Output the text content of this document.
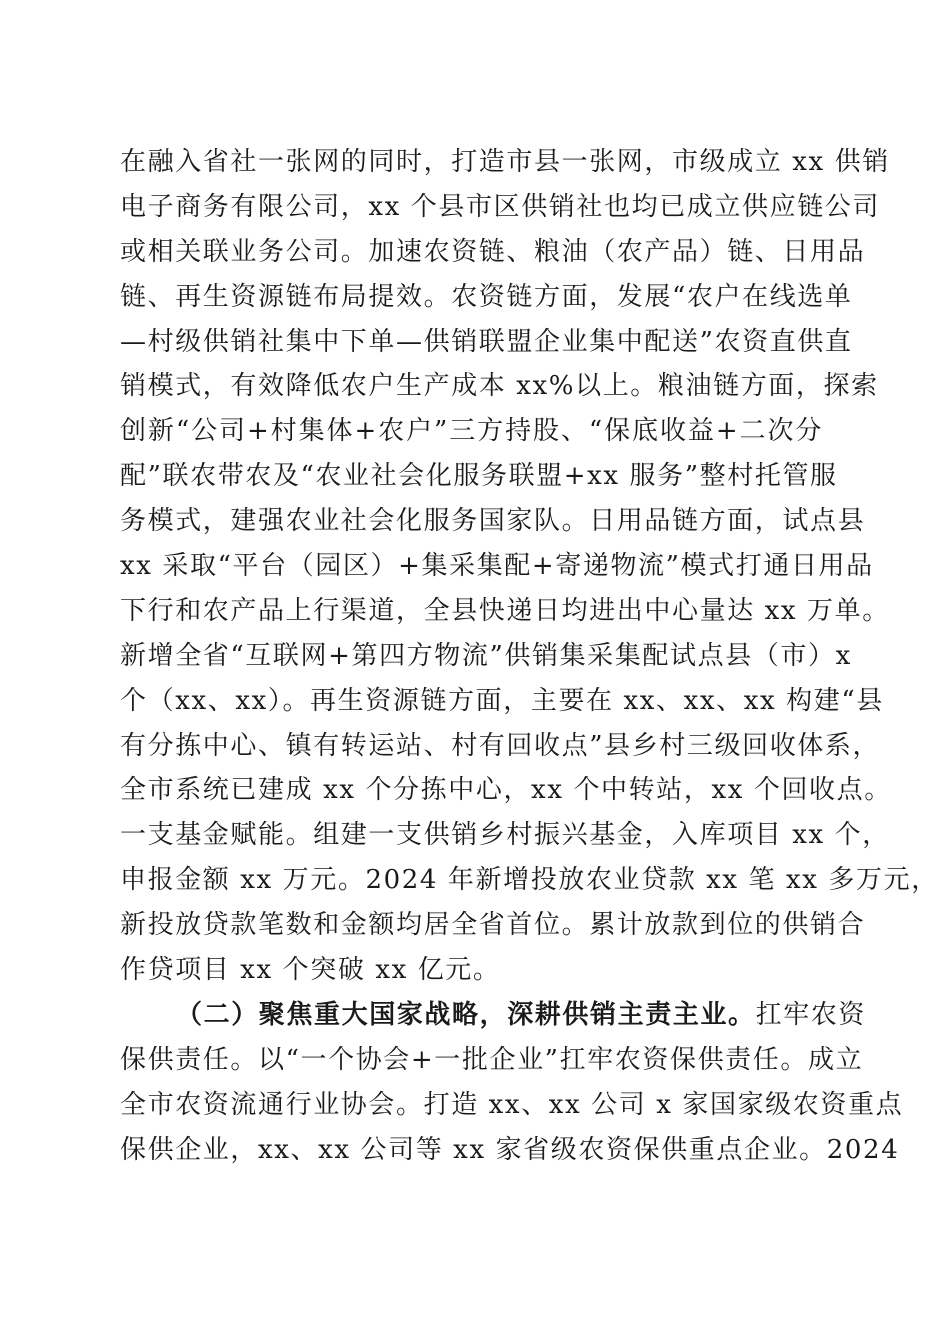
在融入省社一张网的同时，打造市县一张网，市级成立 xx 供销
电子商务有限公司，xx 个县市区供销社也均已成立供应链公司
或相关联业务公司。加速农资链、粮油（农产品）链、日用品
链、再生资源链布局提效。农资链方面，发展“农户在线选单
—村级供销社集中下单—供销联盟企业集中配送”农资直供直
销模式，有效降低农户生产成本 xx%以上。粮油链方面，探索
创新“公司+村集体+农户”三方持股、“保底收益+二次分
配”联农带农及“农业社会化服务联盟+xx 服务”整村托管服
务模式，建强农业社会化服务国家队。日用品链方面，试点县
xx 采取“平台（园区）+集采集配+寄递物流”模式打通日用品
下行和农产品上行渠道，全县快递日均进出中心量达 xx 万单。
新增全省“互联网+第四方物流”供销集采集配试点县（市）x
个（xx、xx）。再生资源链方面，主要在 xx、xx、xx 构建“县
有分拣中心、镇有转运站、村有回收点”县乡村三级回收体系，
全市系统已建成 xx 个分拣中心，xx 个中转站，xx 个回收点。
一支基金赋能。组建一支供销乡村振兴基金，入库项目 xx 个，
申报金额 xx 万元。2024 年新增投放农业贷款 xx 笔 xx 多万元，
新投放贷款笔数和金额均居全省首位。累计放款到位的供销合
作贷项目 xx 个突破 xx 亿元。
（二）聚焦重大国家战略，深耕供销主责主业。扛牢农资
保供责任。以“一个协会+一批企业”扛牢农资保供责任。成立
全市农资流通行业协会。打造 xx、xx 公司 x 家国家级农资重点
保供企业，xx、xx 公司等 xx 家省级农资保供重点企业。2024
